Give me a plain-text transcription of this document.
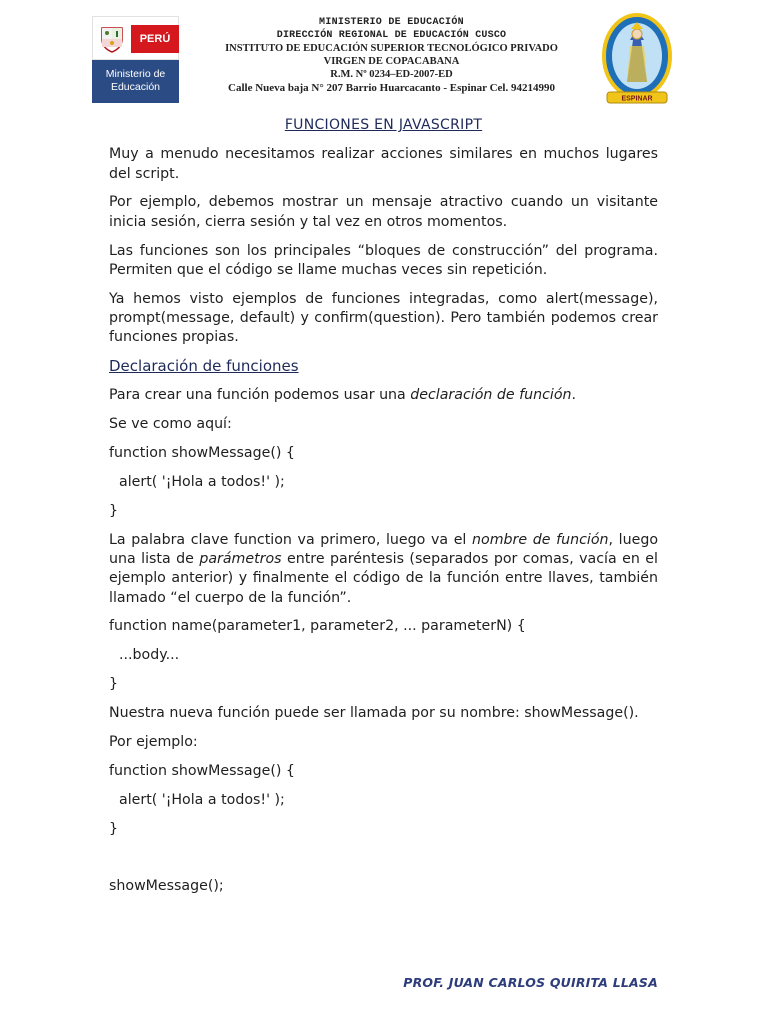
PERÚ
Ministerio de
Educación
MINISTERIO DE EDUCACIÓN
DIRECCIÓN REGIONAL DE EDUCACIÓN CUSCO
INSTITUTO DE EDUCACIÓN SUPERIOR TECNOLÓGICO PRIVADO
VIRGEN DE COPACABANA
R.M. Nº 0234–ED-2007-ED
Calle Nueva baja N° 207 Barrio Huarcacanto - Espinar Cel. 94214990
ESPINAR
FUNCIONES EN JAVASCRIPT

Muy a menudo necesitamos realizar acciones similares en muchos lugares del script.

Por ejemplo, debemos mostrar un mensaje atractivo cuando un visitante inicia sesión, cierra sesión y tal vez en otros momentos.

Las funciones son los principales “bloques de construcción” del programa. Permiten que el código se llame muchas veces sin repetición.

Ya hemos visto ejemplos de funciones integradas, como alert(message), prompt(message, default) y confirm(question). Pero también podemos crear funciones propias.

Declaración de funciones

Para crear una función podemos usar una declaración de función.

Se ve como aquí:

function showMessage() {
alert( '¡Hola a todos!' );
}

La palabra clave function va primero, luego va el nombre de función, luego una lista de parámetros entre paréntesis (separados por comas, vacía en el ejemplo anterior) y finalmente el código de la función entre llaves, también llamado “el cuerpo de la función”.

function name(parameter1, parameter2, ... parameterN) {
...body...
}

Nuestra nueva función puede ser llamada por su nombre: showMessage().

Por ejemplo:

function showMessage() {
alert( '¡Hola a todos!' );
}
showMessage();
PROF. JUAN CARLOS QUIRITA LLASA
